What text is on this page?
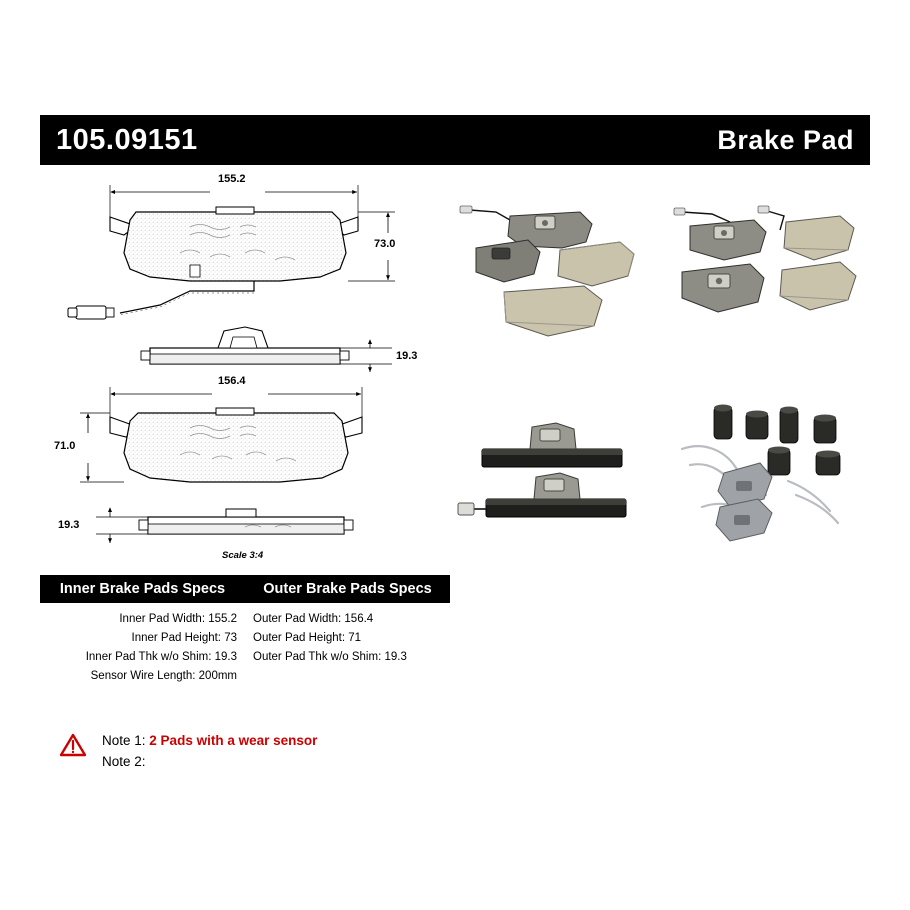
105.09151	Brake Pad
155.2
73.0
19.3
156.4
71.0
19.3
Scale 3:4
Inner Brake Pads Specs	Outer Brake Pads Specs
Inner Pad Width: 155.2
Inner Pad Height: 73
Inner Pad Thk w/o Shim: 19.3
Sensor Wire Length: 200mm
Outer Pad Width: 156.4
Outer Pad Height: 71
Outer Pad Thk w/o Shim: 19.3
Note 1: 2 Pads with a wear sensor
Note 2:
